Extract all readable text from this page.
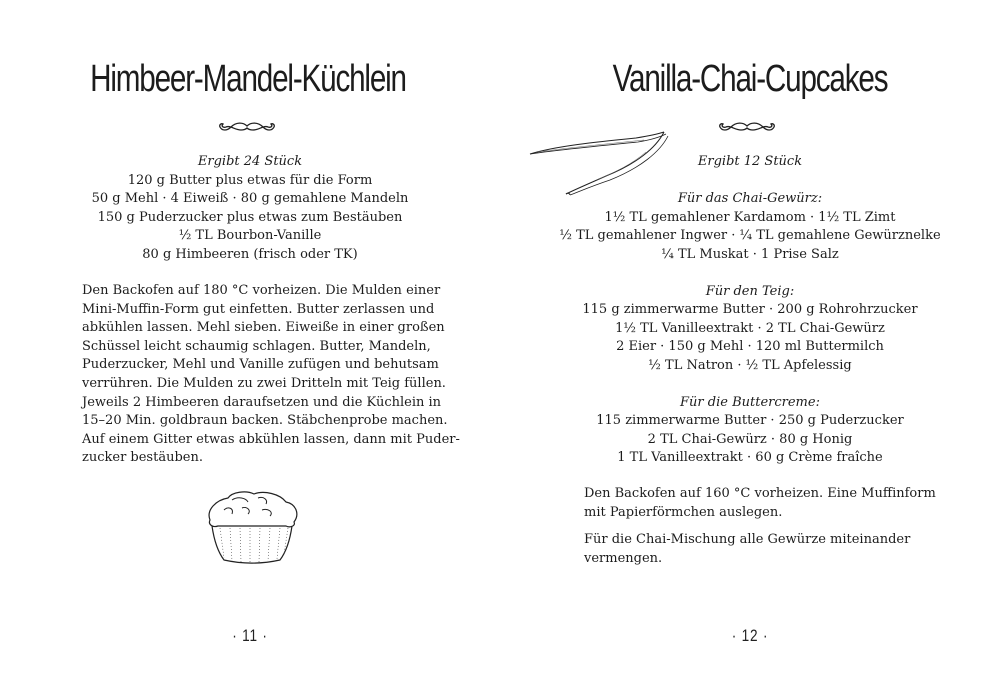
Himbeer-Mandel-Küchlein
Ergibt 24 Stück
120 g Butter plus etwas für die Form
50 g Mehl · 4 Eiweiß · 80 g gemahlene Mandeln
150 g Puderzucker plus etwas zum Bestäuben
½ TL Bourbon-Vanille
80 g Himbeeren (frisch oder TK)
Den Backofen auf 180 °C vorheizen. Die Mulden einer
Mini-Muffin-Form gut einfetten. Butter zerlassen und
abkühlen lassen. Mehl sieben. Eiweiße in einer großen
Schüssel leicht schaumig schlagen. Butter, Mandeln,
Puderzucker, Mehl und Vanille zufügen und behutsam
verrühren. Die Mulden zu zwei Dritteln mit Teig füllen.
Jeweils 2 Himbeeren daraufsetzen und die Küchlein in
15–20 Min. goldbraun backen. Stäbchenprobe machen.
Auf einem Gitter etwas abkühlen lassen, dann mit Puder-
zucker bestäuben.
· 11 ·
Vanilla-Chai-Cupcakes
Ergibt 12 Stück
Für das Chai-Gewürz:
1½ TL gemahlener Kardamom · 1½ TL Zimt
½ TL gemahlener Ingwer · ¼ TL gemahlene Gewürznelke
¼ TL Muskat · 1 Prise Salz
Für den Teig:
115 g zimmerwarme Butter · 200 g Rohrohrzucker
1½ TL Vanilleextrakt · 2 TL Chai-Gewürz
2 Eier · 150 g Mehl · 120 ml Buttermilch
½ TL Natron · ½ TL Apfelessig
Für die Buttercreme:
115 zimmerwarme Butter · 250 g Puderzucker
2 TL Chai-Gewürz · 80 g Honig
1 TL Vanilleextrakt · 60 g Crème fraîche
Den Backofen auf 160 °C vorheizen. Eine Muffinform
mit Papierförmchen auslegen.
Für die Chai-Mischung alle Gewürze miteinander
vermengen.
· 12 ·
